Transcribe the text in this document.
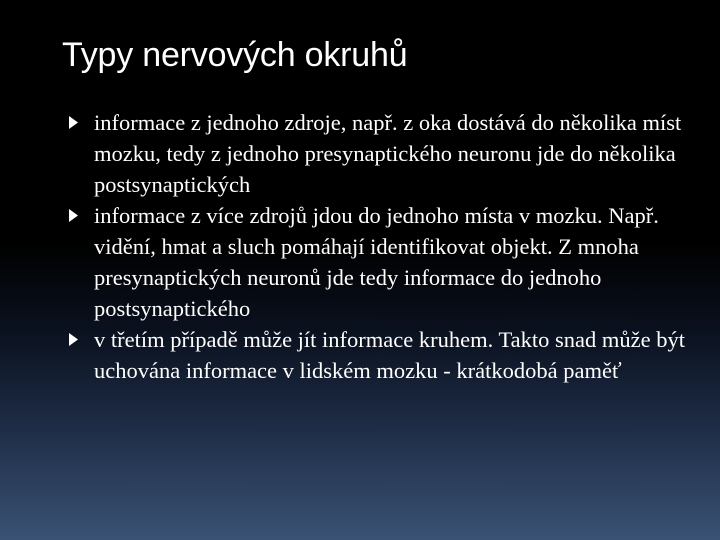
Typy nervových okruhů
informace z jednoho zdroje, např. z oka dostává do několika míst mozku, tedy z jednoho presynaptického neuronu jde do několika postsynaptických
informace z více zdrojů jdou do jednoho místa v mozku. Např. vidění, hmat a sluch pomáhají identifikovat objekt. Z mnoha presynaptických neuronů jde tedy informace do jednoho postsynaptického
v třetím případě může jít informace kruhem. Takto snad může být uchována informace v lidském mozku - krátkodobá paměť
